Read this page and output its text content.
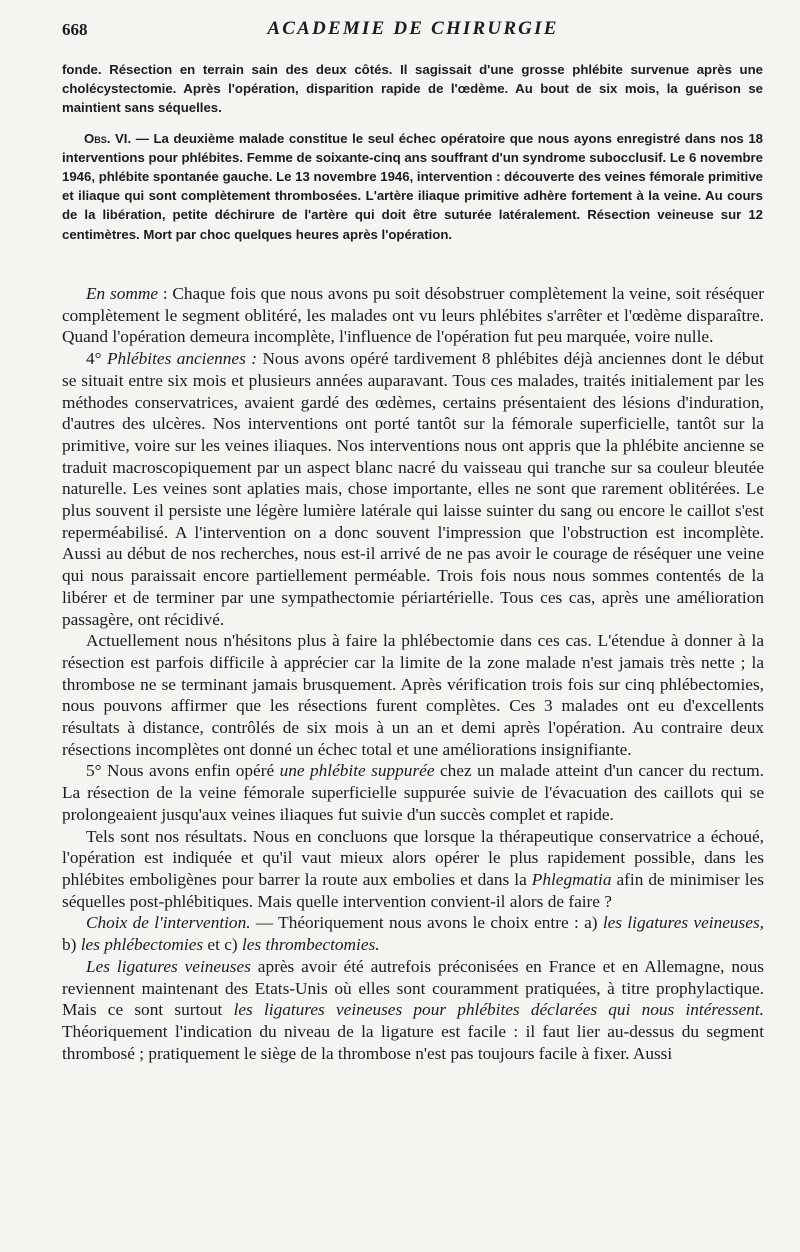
668	ACADEMIE DE CHIRURGIE

fonde. Résection en terrain sain des deux côtés. Il sagissait d'une grosse phlébite survenue après une cholécystectomie. Après l'opération, disparition rapide de l'œdème. Au bout de six mois, la guérison se maintient sans séquelles.

Obs. VI. — La deuxième malade constitue le seul échec opératoire que nous ayons enregistré dans nos 18 interventions pour phlébites. Femme de soixante-cinq ans souffrant d'un syndrome subocclusif. Le 6 novembre 1946, phlébite spontanée gauche. Le 13 novembre 1946, intervention : découverte des veines fémorale primitive et iliaque qui sont complètement thrombosées. L'artère iliaque primitive adhère fortement à la veine. Au cours de la libération, petite déchirure de l'artère qui doit être suturée latéralement. Résection veineuse sur 12 centimètres. Mort par choc quelques heures après l'opération.

En somme : Chaque fois que nous avons pu soit désobstruer complètement la veine, soit réséquer complètement le segment oblitéré, les malades ont vu leurs phlébites s'arrêter et l'œdème disparaître. Quand l'opération demeura incomplète, l'influence de l'opération fut peu marquée, voire nulle.

4° Phlébites anciennes : Nous avons opéré tardivement 8 phlébites déjà anciennes dont le début se situait entre six mois et plusieurs années auparavant. Tous ces malades, traités initialement par les méthodes conservatrices, avaient gardé des œdèmes, certains présentaient des lésions d'induration, d'autres des ulcères. Nos interventions ont porté tantôt sur la fémorale superficielle, tantôt sur la primitive, voire sur les veines iliaques. Nos interventions nous ont appris que la phlébite ancienne se traduit macroscopiquement par un aspect blanc nacré du vaisseau qui tranche sur sa couleur bleutée naturelle. Les veines sont aplaties mais, chose importante, elles ne sont que rarement oblitérées. Le plus souvent il persiste une légère lumière latérale qui laisse suinter du sang ou encore le caillot s'est reperméabilisé. A l'intervention on a donc souvent l'impression que l'obstruction est incomplète. Aussi au début de nos recherches, nous est-il arrivé de ne pas avoir le courage de réséquer une veine qui nous paraissait encore partiellement perméable. Trois fois nous nous sommes contentés de la libérer et de terminer par une sympathectomie périartérielle. Tous ces cas, après une amélioration passagère, ont récidivé.

Actuellement nous n'hésitons plus à faire la phlébectomie dans ces cas. L'étendue à donner à la résection est parfois difficile à apprécier car la limite de la zone malade n'est jamais très nette ; la thrombose ne se terminant jamais brusquement. Après vérification trois fois sur cinq phlébectomies, nous pouvons affirmer que les résections furent complètes. Ces 3 malades ont eu d'excellents résultats à distance, contrôlés de six mois à un an et demi après l'opération. Au contraire deux résections incomplètes ont donné un échec total et une améliorations insignifiante.

5° Nous avons enfin opéré une phlébite suppurée chez un malade atteint d'un cancer du rectum. La résection de la veine fémorale superficielle suppurée suivie de l'évacuation des caillots qui se prolongeaient jusqu'aux veines iliaques fut suivie d'un succès complet et rapide.

Tels sont nos résultats. Nous en concluons que lorsque la thérapeutique conservatrice a échoué, l'opération est indiquée et qu'il vaut mieux alors opérer le plus rapidement possible, dans les phlébites emboligènes pour barrer la route aux embolies et dans la Phlegmatia afin de minimiser les séquelles post-phlébitiques. Mais quelle intervention convient-il alors de faire ?

Choix de l'intervention. — Théoriquement nous avons le choix entre : a) les ligatures veineuses, b) les phlébectomies et c) les thrombectomies.

Les ligatures veineuses après avoir été autrefois préconisées en France et en Allemagne, nous reviennent maintenant des Etats-Unis où elles sont couramment pratiquées, à titre prophylactique. Mais ce sont surtout les ligatures veineuses pour phlébites déclarées qui nous intéressent. Théoriquement l'indication du niveau de la ligature est facile : il faut lier au-dessus du segment thrombosé ; pratiquement le siège de la thrombose n'est pas toujours facile à fixer. Aussi
